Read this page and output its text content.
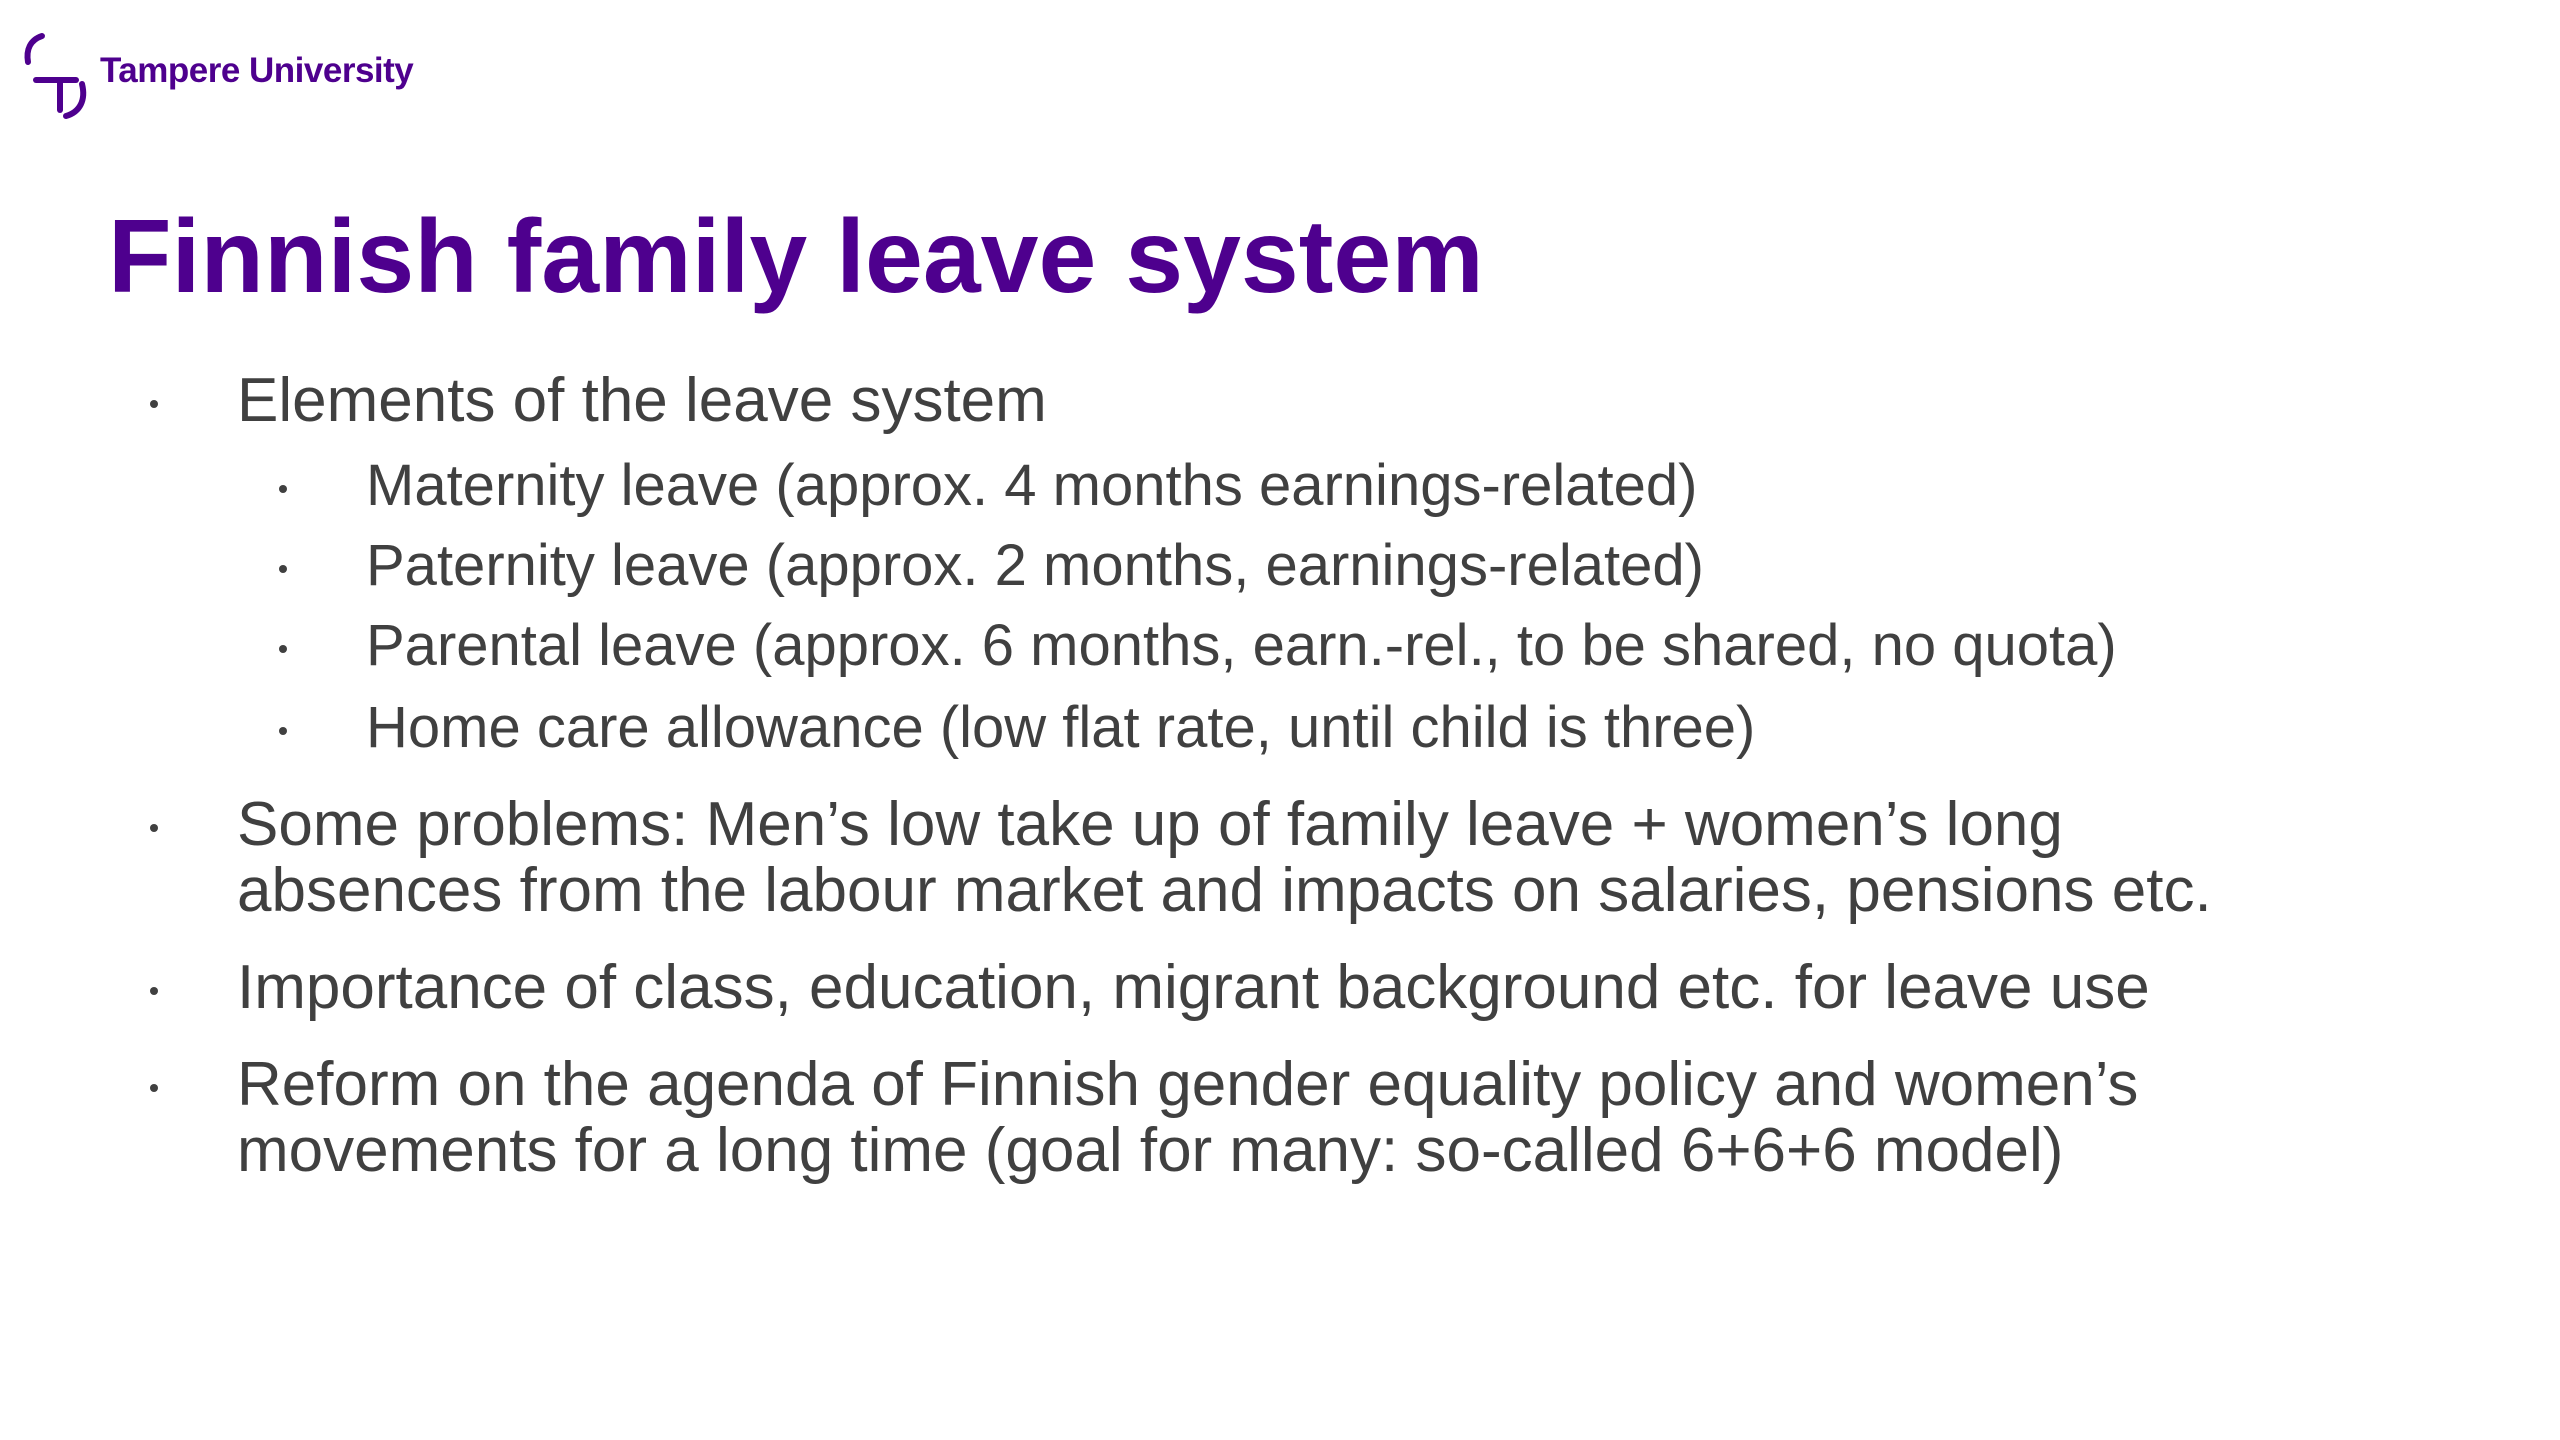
Tampere University
Finnish family leave system
Elements of the leave system
Maternity leave (approx. 4 months earnings-related)
Paternity leave (approx. 2 months, earnings-related)
Parental leave (approx. 6 months, earn.-rel., to be shared, no quota)
Home care allowance (low flat rate, until child is three)
Some problems: Men’s low take up of family leave + women’s long
absences from the labour market and impacts on salaries, pensions etc.
Importance of class, education, migrant background etc. for leave use
Reform on the agenda of Finnish gender equality policy and women’s
movements for a long time (goal for many: so-called 6+6+6 model)
